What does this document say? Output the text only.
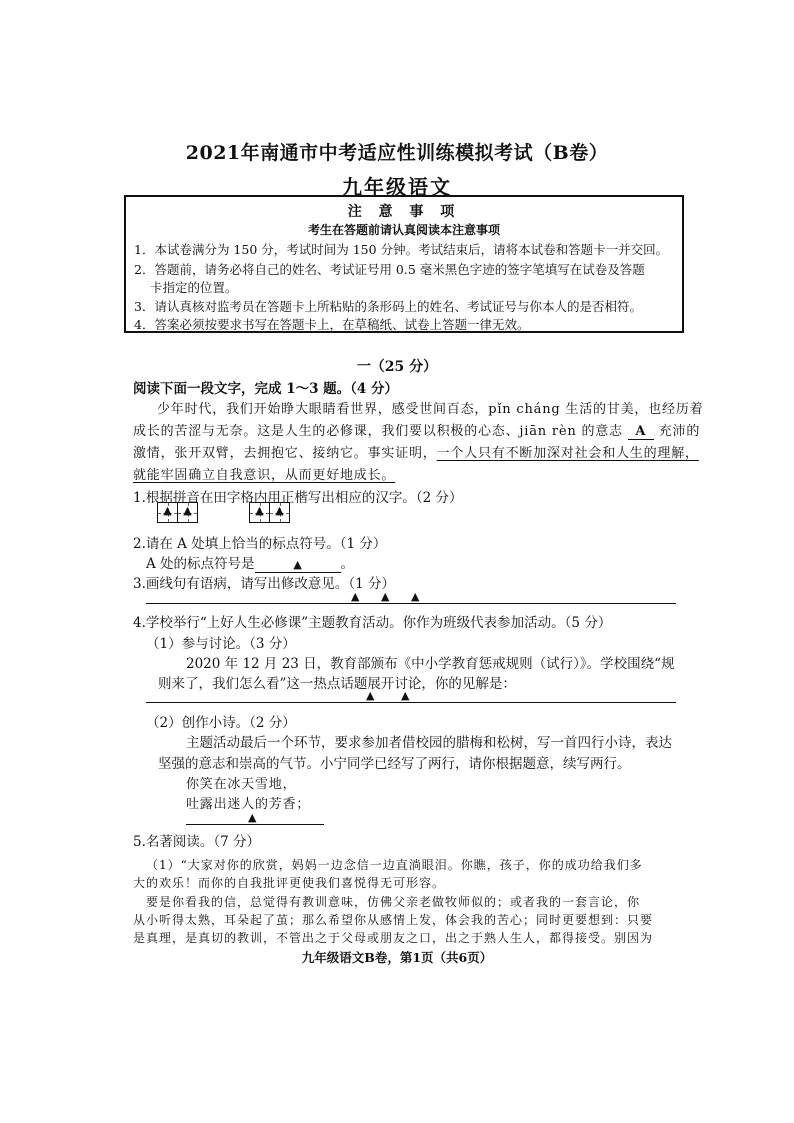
2021年南通市中考适应性训练模拟考试（B卷）
九年级语文
注 意 事 项
考生在答题前请认真阅读本注意事项
1．本试卷满分为 150 分，考试时间为 150 分钟。考试结束后，请将本试卷和答题卡一并交回。
2．答题前，请务必将自己的姓名、考试证号用 0.5 毫米黑色字迹的签字笔填写在试卷及答题
卡指定的位置。
3．请认真核对监考员在答题卡上所粘贴的条形码上的姓名、考试证号与你本人的是否相符。
4．答案必须按要求书写在答题卡上，在草稿纸、试卷上答题一律无效。
一（25 分）
阅读下面一段文字，完成 1～3 题。（4 分）
少年时代，我们开始睁大眼睛看世界，感受世间百态，pǐn cháng 生活的甘美，也经历着
成长的苦涩与无奈。这是人生的必修课，我们要以积极的心态、jiān rèn 的意志 A 充沛的
激情，张开双臂，去拥抱它、接纳它。事实证明，一个人只有不断加深对社会和人生的理解，
就能牢固确立自我意识，从而更好地成长。
1.根据拼音在田字格内用正楷写出相应的汉字。（2 分）
▲	▲	▲	▲
2.请在 A 处填上恰当的标点符号。（1 分）
A 处的标点符号是	▲	。
3.画线句有语病，请写出修改意见。（1 分）
▲ ▲ ▲
4.学校举行“上好人生必修课”主题教育活动。你作为班级代表参加活动。（5 分）
（1）参与讨论。（3 分）
2020 年 12 月 23 日，教育部颁布《中小学教育惩戒规则（试行）》。学校围绕“规
则来了，我们怎么看”这一热点话题展开讨论，你的见解是：
▲ ▲
（2）创作小诗。（2 分）
主题活动最后一个环节，要求参加者借校园的腊梅和松树，写一首四行小诗，表达
坚强的意志和崇高的气节。小宁同学已经写了两行，请你根据题意，续写两行。
你笑在冰天雪地，
吐露出迷人的芳香；
▲
5.名著阅读。（7 分）
（1）“大家对你的欣赏，妈妈一边念信一边直淌眼泪。你瞧，孩子，你的成功给我们多
大的欢乐！而你的自我批评更使我们喜悦得无可形容。
要是你看我的信，总觉得有教训意味，仿佛父亲老做牧师似的；或者我的一套言论，你
从小听得太熟，耳朵起了茧；那么希望你从感情上发，体会我的苦心；同时更要想到：只要
是真理，是真切的教训，不管出之于父母或朋友之口，出之于熟人生人，都得接受。别因为
九年级语文B卷，第1页（共6页）
